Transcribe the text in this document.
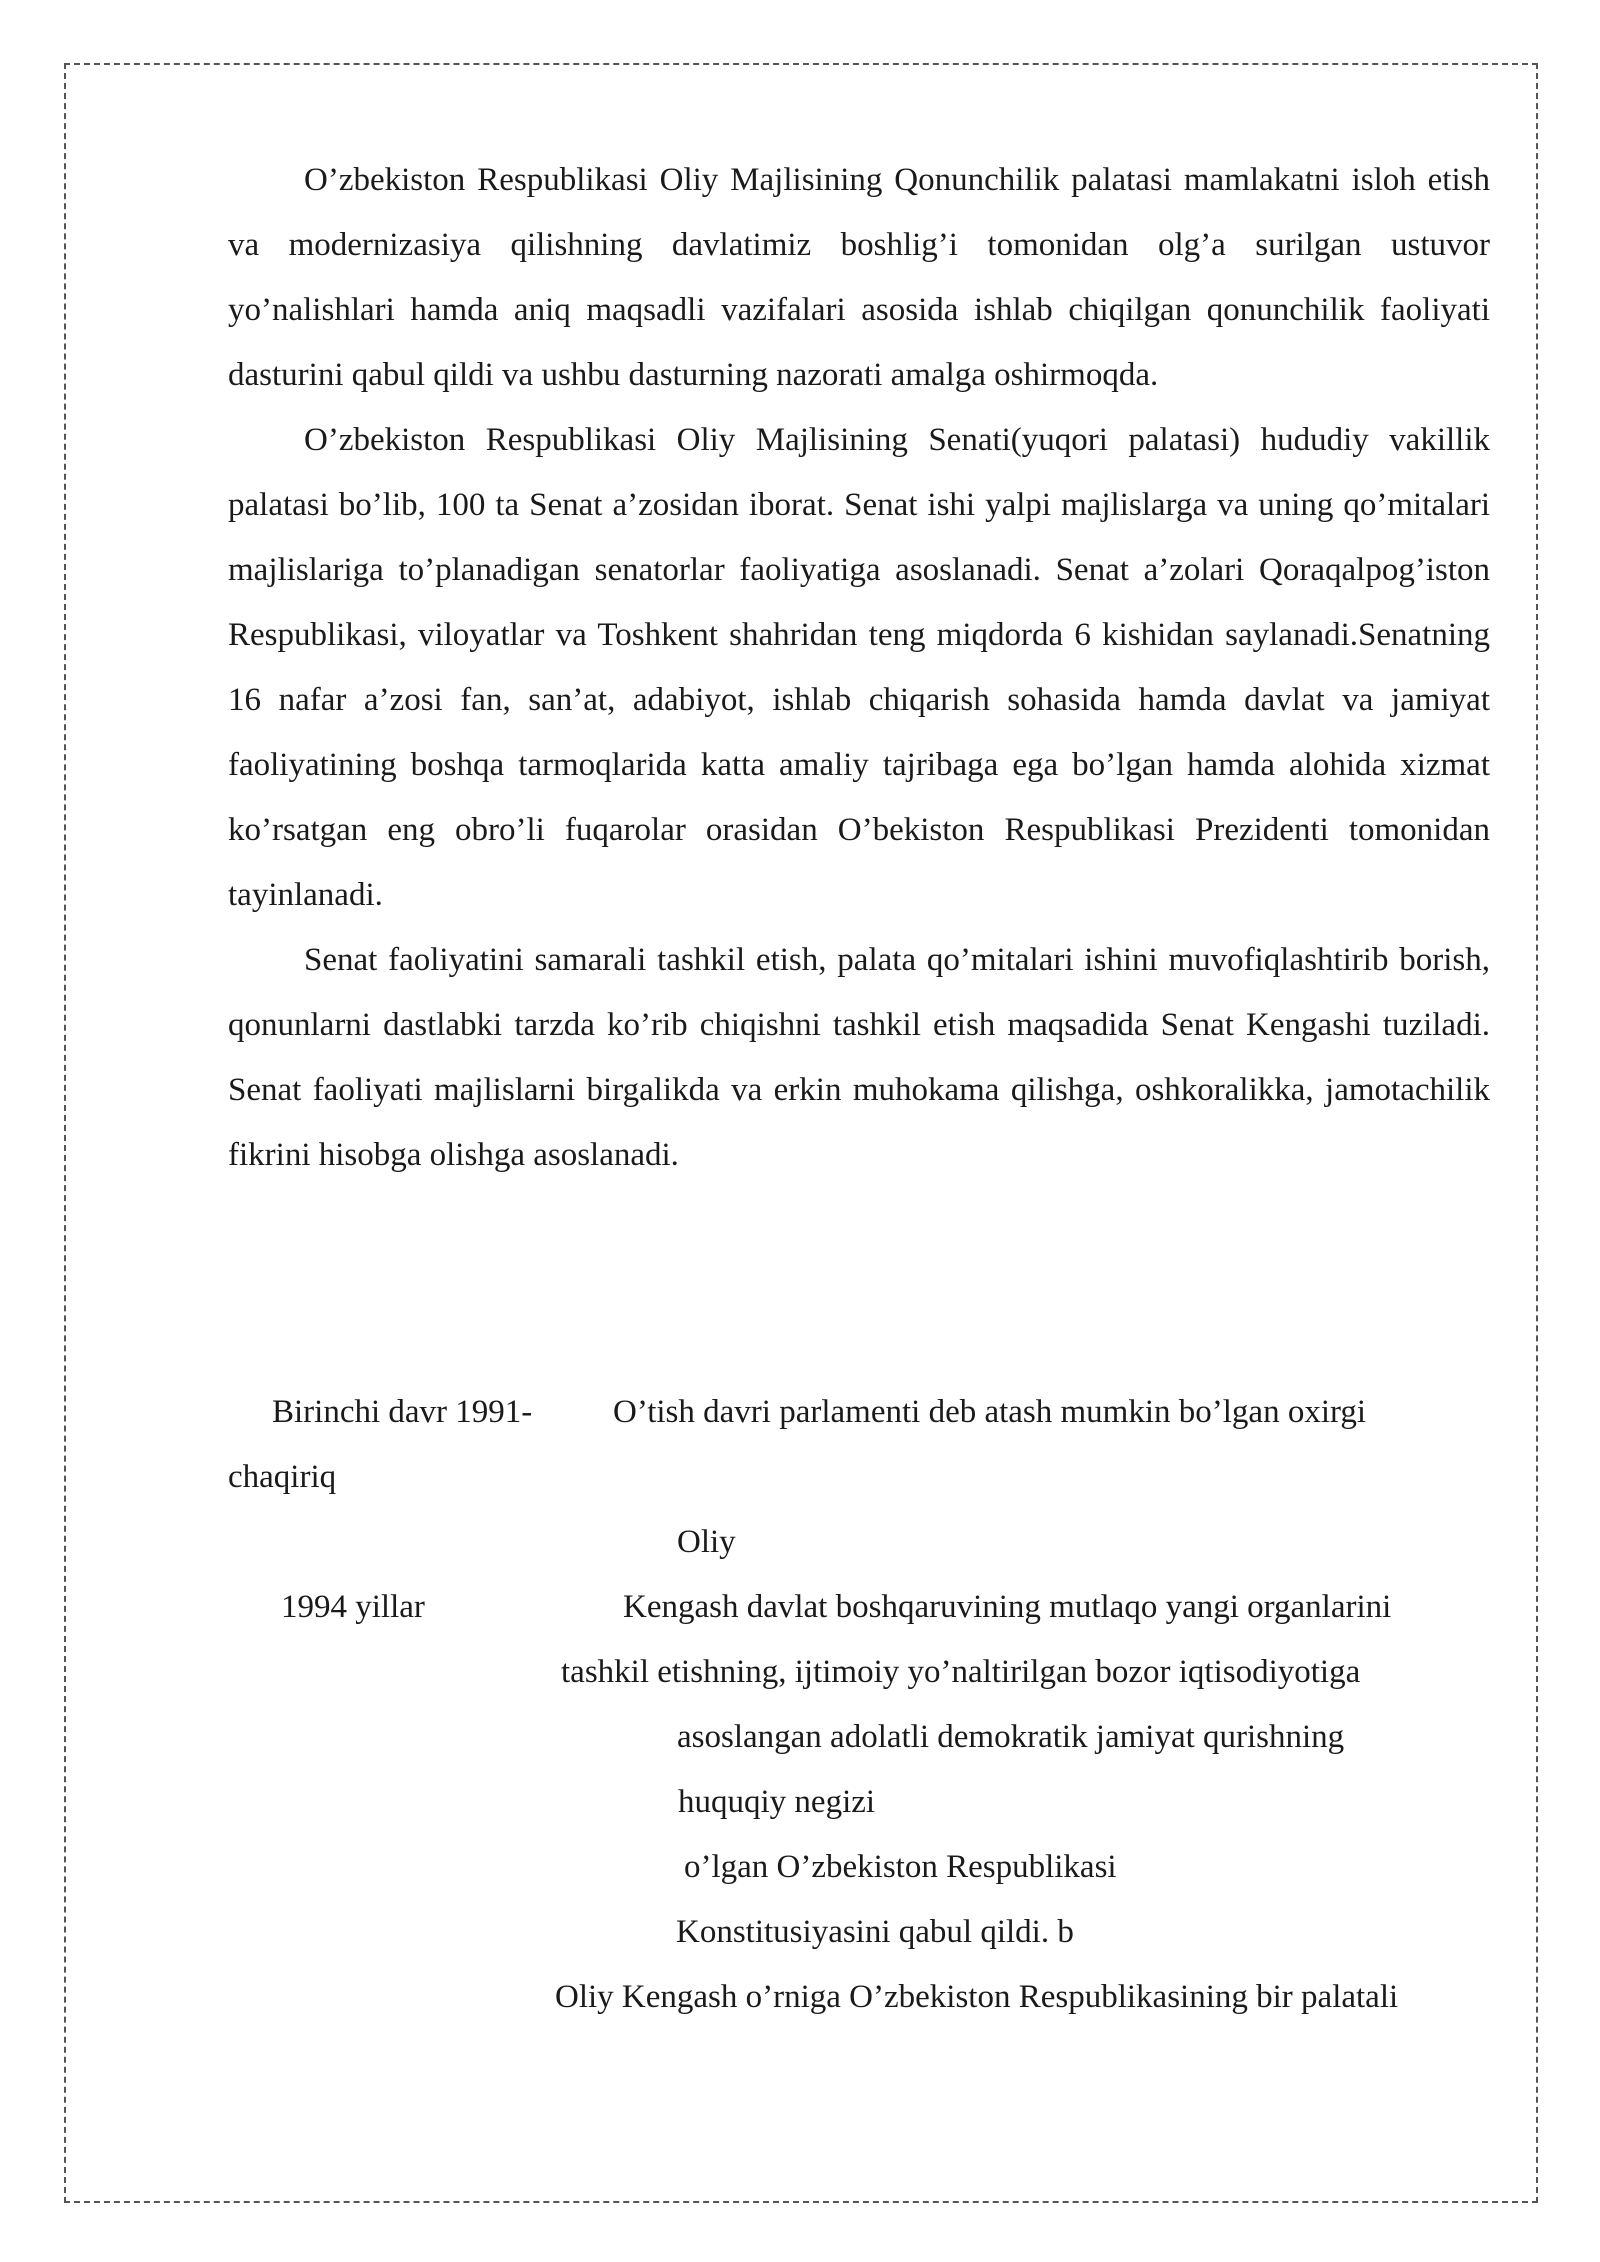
O’zbekiston Respublikasi Oliy Majlisining Qonunchilik palatasi mamlakatni isloh etish va modernizasiya qilishning davlatimiz boshlig’i tomonidan olg’a surilgan ustuvor yo’nalishlari hamda aniq maqsadli vazifalari asosida ishlab chiqilgan qonunchilik faoliyati dasturini qabul qildi va ushbu dasturning nazorati amalga oshirmoqda.

O’zbekiston Respublikasi Oliy Majlisining Senati(yuqori palatasi) hududiy vakillik palatasi bo’lib, 100 ta Senat a’zosidan iborat. Senat ishi yalpi majlislarga va uning qo’mitalari majlislariga to’planadigan senatorlar faoliyatiga asoslanadi. Senat a’zolari Qoraqalpog’iston Respublikasi, viloyatlar va Toshkent shahridan teng miqdorda 6 kishidan saylanadi.Senatning 16 nafar a’zosi fan, san’at, adabiyot, ishlab chiqarish sohasida hamda davlat va jamiyat faoliyatining boshqa tarmoqlarida katta amaliy tajribaga ega bo’lgan hamda alohida xizmat ko’rsatgan eng obro’li fuqarolar orasidan O’bekiston Respublikasi Prezidenti tomonidan tayinlanadi.

Senat faoliyatini samarali tashkil etish, palata qo’mitalari ishini muvofiqlashtirib borish, qonunlarni dastlabki tarzda ko’rib chiqishni tashkil etish maqsadida Senat Kengashi tuziladi. Senat faoliyati majlislarni birgalikda va erkin muhokama qilishga, oshkoralikka, jamotachilik fikrini hisobga olishga asoslanadi.

Birinchi davr 1991-
chaqiriq
1994 yillar
O’tish davri parlamenti deb atash mumkin bo’lgan oxirgi
Oliy
Kengash davlat boshqaruvining mutlaqo yangi organlarini
tashkil etishning, ijtimoiy yo’naltirilgan bozor iqtisodiyotiga
asoslangan adolatli demokratik jamiyat qurishning
huquqiy negizi
o’lgan O’zbekiston Respublikasi
Konstitusiyasini qabul qildi. b
Oliy Kengash o’rniga O’zbekiston Respublikasining bir palatali
